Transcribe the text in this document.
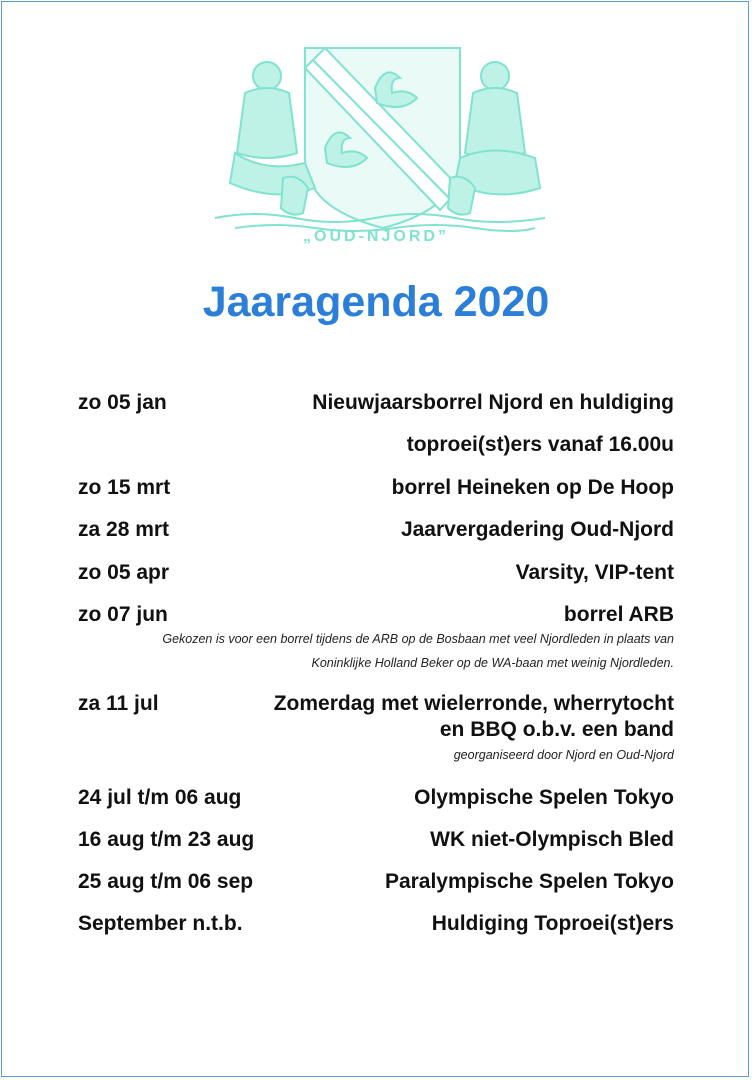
„OUD-NJORD”
Jaaragenda 2020
zo 05 jan	Nieuwjaarsborrel Njord en huldiging
toproei(st)ers vanaf 16.00u
zo 15 mrt	borrel Heineken op De Hoop
za 28 mrt	Jaarvergadering Oud-Njord
zo 05 apr	Varsity, VIP-tent
zo 07 jun	borrel ARB
Gekozen is voor een borrel tijdens de ARB op de Bosbaan met veel Njordleden in plaats van
Koninklijke Holland Beker op de WA-baan met weinig Njordleden.
za 11 jul	Zomerdag met wielerronde, wherrytocht
en BBQ o.b.v. een band
georganiseerd door Njord en Oud-Njord
24 jul t/m 06 aug	Olympische Spelen Tokyo
16 aug t/m 23 aug	WK niet-Olympisch Bled
25 aug t/m 06 sep	Paralympische Spelen Tokyo
September n.t.b.	Huldiging Toproei(st)ers
